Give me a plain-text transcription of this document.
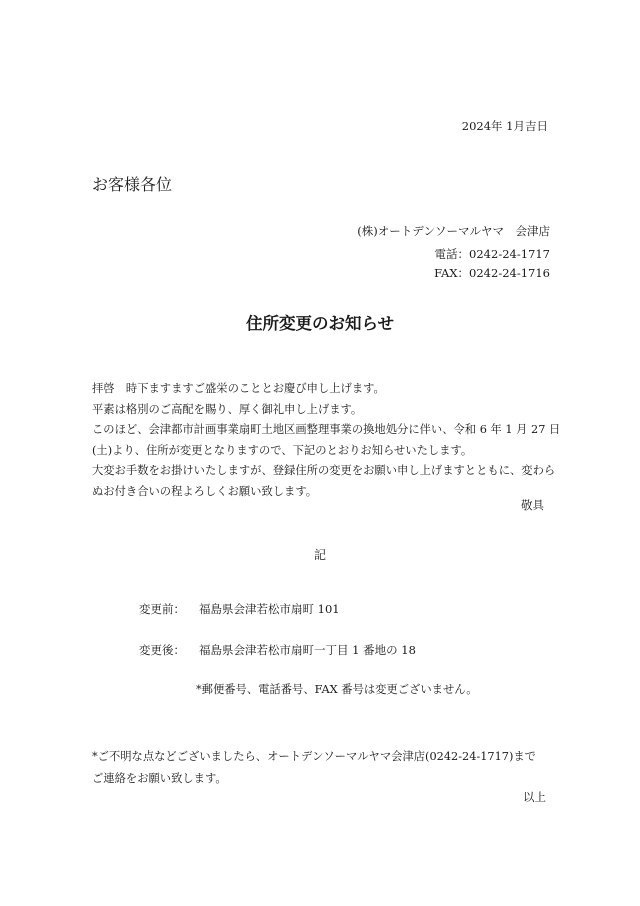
2024年 1月吉日
お客様各位
(株)オートデンソーマルヤマ　会津店
電話：0242-24-1717
FAX：0242-24-1716
住所変更のお知らせ
拝啓　時下ますますご盛栄のこととお慶び申し上げます。
平素は格別のご高配を賜り、厚く御礼申し上げます。
このほど、会津都市計画事業扇町土地区画整理事業の換地処分に伴い、令和 6 年 1 月 27 日
(土)より、住所が変更となりますので、下記のとおりお知らせいたします。
大変お手数をお掛けいたしますが、登録住所の変更をお願い申し上げますとともに、変わら
ぬお付き合いの程よろしくお願い致します。
敬具
記
変更前： 福島県会津若松市扇町 101
変更後： 福島県会津若松市扇町一丁目 1 番地の 18
*郵便番号、電話番号、FAX 番号は変更ございません。
*ご不明な点などございましたら、オートデンソーマルヤマ会津店(0242-24-1717)まで
ご連絡をお願い致します。
以上
